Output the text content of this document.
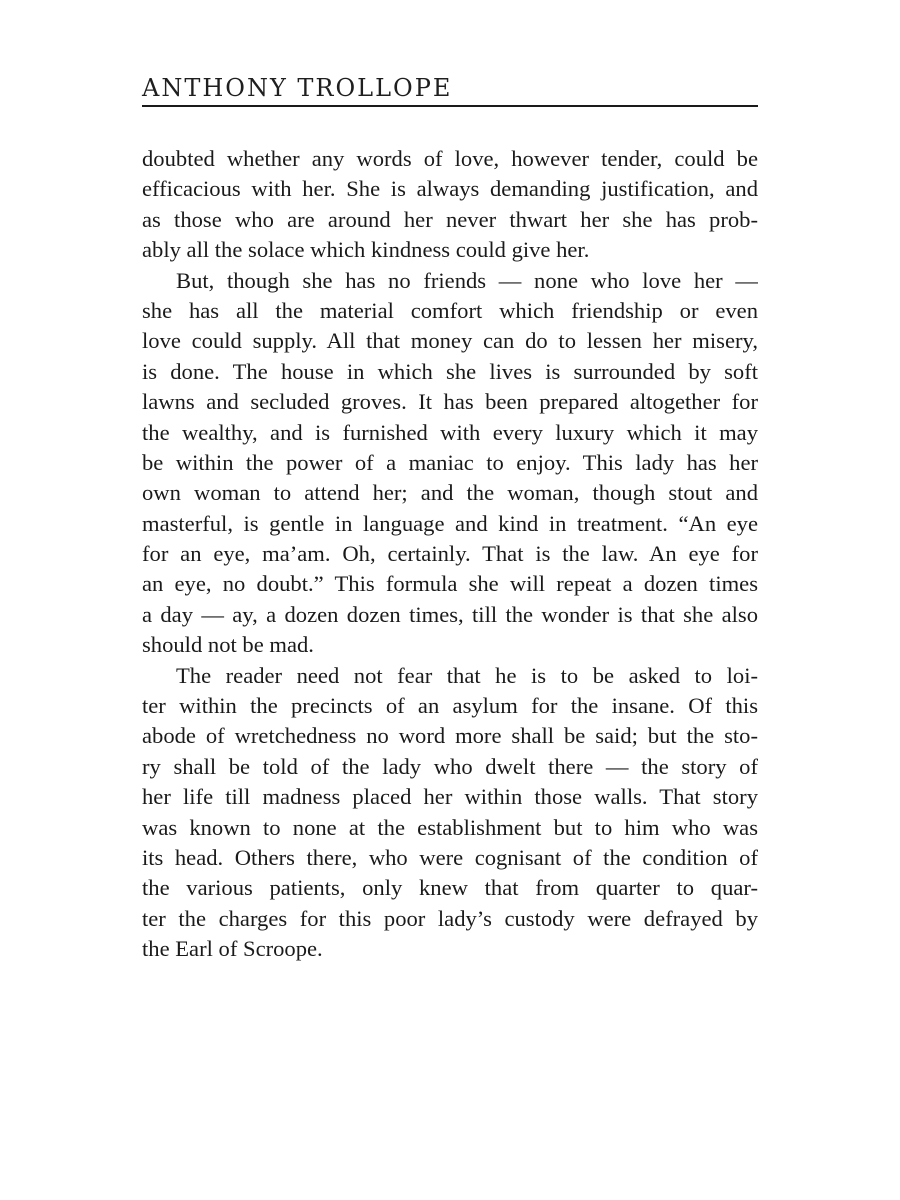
ANTHONY TROLLOPE
doubted whether any words of love, however tender, could be
efficacious with her. She is always demanding justification, and
as those who are around her never thwart her she has prob-
ably all the solace which kindness could give her.
But, though she has no friends — none who love her —
she has all the material comfort which friendship or even
love could supply. All that money can do to lessen her misery,
is done. The house in which she lives is surrounded by soft
lawns and secluded groves. It has been prepared altogether for
the wealthy, and is furnished with every luxury which it may
be within the power of a maniac to enjoy. This lady has her
own woman to attend her; and the woman, though stout and
masterful, is gentle in language and kind in treatment. “An eye
for an eye, ma’am. Oh, certainly. That is the law. An eye for
an eye, no doubt.” This formula she will repeat a dozen times
a day — ay, a dozen dozen times, till the wonder is that she also
should not be mad.
The reader need not fear that he is to be asked to loi-
ter within the precincts of an asylum for the insane. Of this
abode of wretchedness no word more shall be said; but the sto-
ry shall be told of the lady who dwelt there — the story of
her life till madness placed her within those walls. That story
was known to none at the establishment but to him who was
its head. Others there, who were cognisant of the condition of
the various patients, only knew that from quarter to quar-
ter the charges for this poor lady’s custody were defrayed by
the Earl of Scroope.
